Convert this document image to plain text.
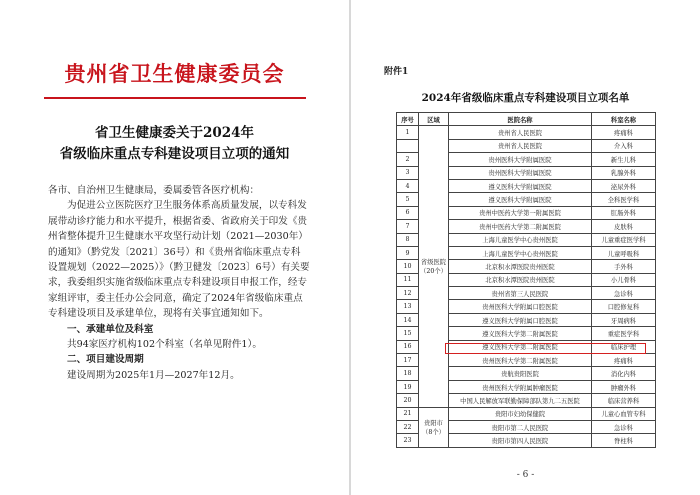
贵州省卫生健康委员会
省卫生健康委关于2024年
省级临床重点专科建设项目立项的通知

各市、自治州卫生健康局，委属委管各医疗机构：

为促进公立医院医疗卫生服务体系高质量发展，以专科发展带动诊疗能力和水平提升，根据省委、省政府关于印发《贵州省整体提升卫生健康水平攻坚行动计划（2021—2030年）的通知》（黔党发〔2021〕36号）和《贵州省临床重点专科设置规划（2022—2025）》（黔卫健发〔2023〕6号）有关要求，我委组织实施省级临床重点专科建设项目申报工作，经专家组评审，委主任办公会同意，确定了2024年省级临床重点专科建设项目及承建单位，现将有关事宜通知如下。

一、承建单位及科室

共94家医疗机构102个科室（名单见附件1）。

二、项目建设周期

建设周期为2025年1月—2027年12月。

附件1
2024年省级临床重点专科建设项目立项名单
序号	区域	医院名称	科室名称
1	省级医院（20个）	贵州省人民医院	疼痛科
		贵州省人民医院	介入科
2		贵州医科大学附属医院	新生儿科
3		贵州医科大学附属医院	乳腺外科
4		遵义医科大学附属医院	泌尿外科
5		遵义医科大学附属医院	全科医学科
6		贵州中医药大学第一附属医院	肛肠外科
7		贵州中医药大学第二附属医院	皮肤科
8		上海儿童医学中心贵州医院	儿童重症医学科
9		上海儿童医学中心贵州医院	儿童呼吸科
10		北京积水潭医院贵州医院	手外科
11		北京积水潭医院贵州医院	小儿骨科
12		贵州省第三人民医院	急诊科
13		贵州医科大学附属口腔医院	口腔修复科
14		遵义医科大学附属口腔医院	牙周病科
15		遵义医科大学第二附属医院	重症医学科
16		遵义医科大学第二附属医院	临床护理
17		贵州医科大学第二附属医院	疼痛科
18		贵航贵阳医院	消化内科
19		贵州医科大学附属肿瘤医院	肿瘤外科
20		中国人民解放军联勤保障部队第九二五医院	临床营养科
21	贵阳市（8个）	贵阳市妇幼保健院	儿童心血管专科
22		贵阳市第二人民医院	急诊科
23		贵阳市第四人民医院	脊柱科
- 6 -
